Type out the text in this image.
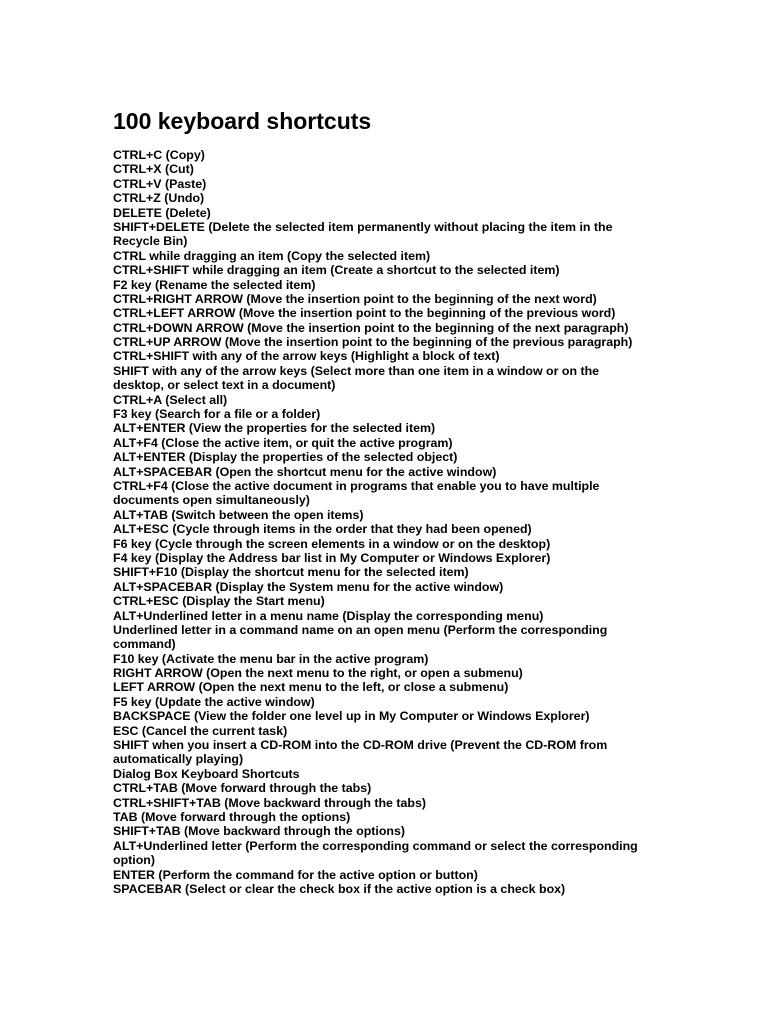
100 keyboard shortcuts
CTRL+C (Copy)
CTRL+X (Cut)
CTRL+V (Paste)
CTRL+Z (Undo)
DELETE (Delete)
SHIFT+DELETE (Delete the selected item permanently without placing the item in the
Recycle Bin)
CTRL while dragging an item (Copy the selected item)
CTRL+SHIFT while dragging an item (Create a shortcut to the selected item)
F2 key (Rename the selected item)
CTRL+RIGHT ARROW (Move the insertion point to the beginning of the next word)
CTRL+LEFT ARROW (Move the insertion point to the beginning of the previous word)
CTRL+DOWN ARROW (Move the insertion point to the beginning of the next paragraph)
CTRL+UP ARROW (Move the insertion point to the beginning of the previous paragraph)
CTRL+SHIFT with any of the arrow keys (Highlight a block of text)
SHIFT with any of the arrow keys (Select more than one item in a window or on the
desktop, or select text in a document)
CTRL+A (Select all)
F3 key (Search for a file or a folder)
ALT+ENTER (View the properties for the selected item)
ALT+F4 (Close the active item, or quit the active program)
ALT+ENTER (Display the properties of the selected object)
ALT+SPACEBAR (Open the shortcut menu for the active window)
CTRL+F4 (Close the active document in programs that enable you to have multiple
documents open simultaneously)
ALT+TAB (Switch between the open items)
ALT+ESC (Cycle through items in the order that they had been opened)
F6 key (Cycle through the screen elements in a window or on the desktop)
F4 key (Display the Address bar list in My Computer or Windows Explorer)
SHIFT+F10 (Display the shortcut menu for the selected item)
ALT+SPACEBAR (Display the System menu for the active window)
CTRL+ESC (Display the Start menu)
ALT+Underlined letter in a menu name (Display the corresponding menu)
Underlined letter in a command name on an open menu (Perform the corresponding
command)
F10 key (Activate the menu bar in the active program)
RIGHT ARROW (Open the next menu to the right, or open a submenu)
LEFT ARROW (Open the next menu to the left, or close a submenu)
F5 key (Update the active window)
BACKSPACE (View the folder one level up in My Computer or Windows Explorer)
ESC (Cancel the current task)
SHIFT when you insert a CD-ROM into the CD-ROM drive (Prevent the CD-ROM from
automatically playing)
Dialog Box Keyboard Shortcuts
CTRL+TAB (Move forward through the tabs)
CTRL+SHIFT+TAB (Move backward through the tabs)
TAB (Move forward through the options)
SHIFT+TAB (Move backward through the options)
ALT+Underlined letter (Perform the corresponding command or select the corresponding
option)
ENTER (Perform the command for the active option or button)
SPACEBAR (Select or clear the check box if the active option is a check box)
